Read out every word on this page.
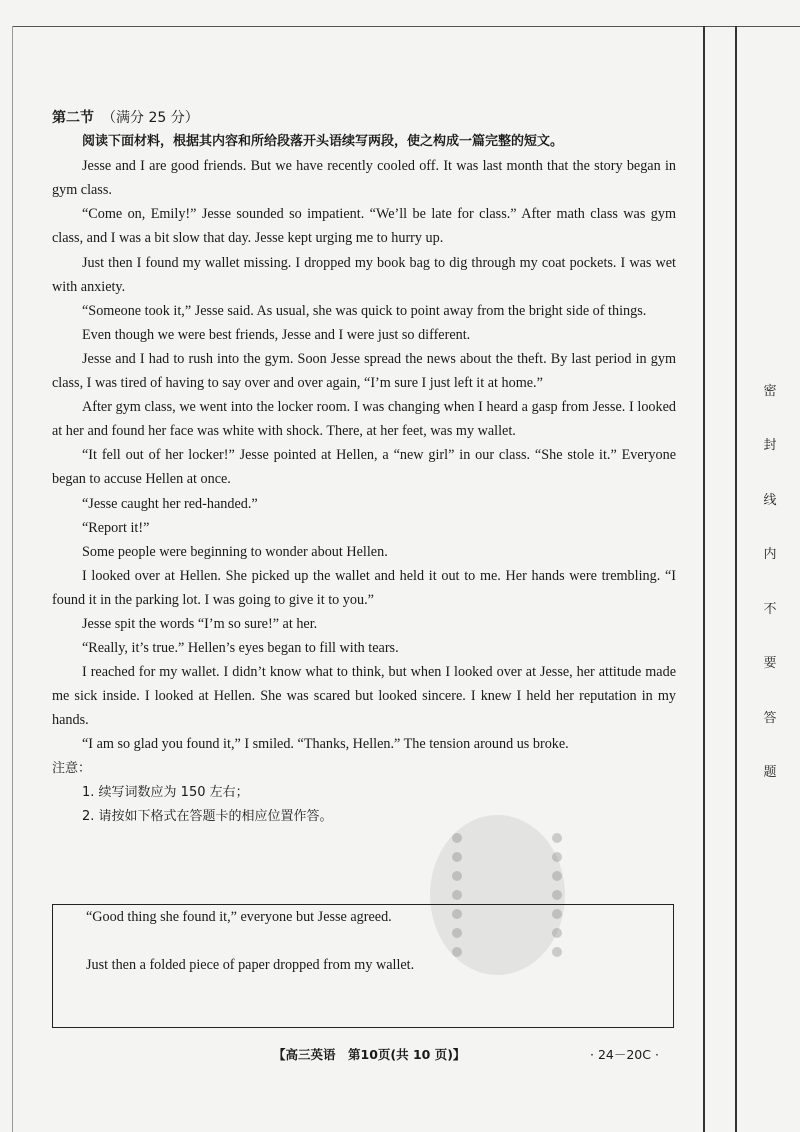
密
封
线
内
不
要
答
题
第二节 （满分 25 分）
阅读下面材料，根据其内容和所给段落开头语续写两段，使之构成一篇完整的短文。
Jesse and I are good friends. But we have recently cooled off. It was last month that the story began in gym class.
“Come on, Emily!” Jesse sounded so impatient. “We’ll be late for class.” After math class was gym class, and I was a bit slow that day. Jesse kept urging me to hurry up.
Just then I found my wallet missing. I dropped my book bag to dig through my coat pockets. I was wet with anxiety.
“Someone took it,” Jesse said. As usual, she was quick to point away from the bright side of things.
Even though we were best friends, Jesse and I were just so different.
Jesse and I had to rush into the gym. Soon Jesse spread the news about the theft. By last period in gym class, I was tired of having to say over and over again, “I’m sure I just left it at home.”
After gym class, we went into the locker room. I was changing when I heard a gasp from Jesse. I looked at her and found her face was white with shock. There, at her feet, was my wallet.
“It fell out of her locker!” Jesse pointed at Hellen, a “new girl” in our class. “She stole it.” Everyone began to accuse Hellen at once.
“Jesse caught her red-handed.”
“Report it!”
Some people were beginning to wonder about Hellen.
I looked over at Hellen. She picked up the wallet and held it out to me. Her hands were trembling. “I found it in the parking lot. I was going to give it to you.”
Jesse spit the words “I’m so sure!” at her.
“Really, it’s true.” Hellen’s eyes began to fill with tears.
I reached for my wallet. I didn’t know what to think, but when I looked over at Jesse, her attitude made me sick inside. I looked at Hellen. She was scared but looked sincere. I knew I held her reputation in my hands.
“I am so glad you found it,” I smiled. “Thanks, Hellen.” The tension around us broke.
注意：
1. 续写词数应为 150 左右；
2. 请按如下格式在答题卡的相应位置作答。
“Good thing she found it,” everyone but Jesse agreed.
Just then a folded piece of paper dropped from my wallet.
【高三英语　第10页(共 10 页)】	· 24－20C ·
